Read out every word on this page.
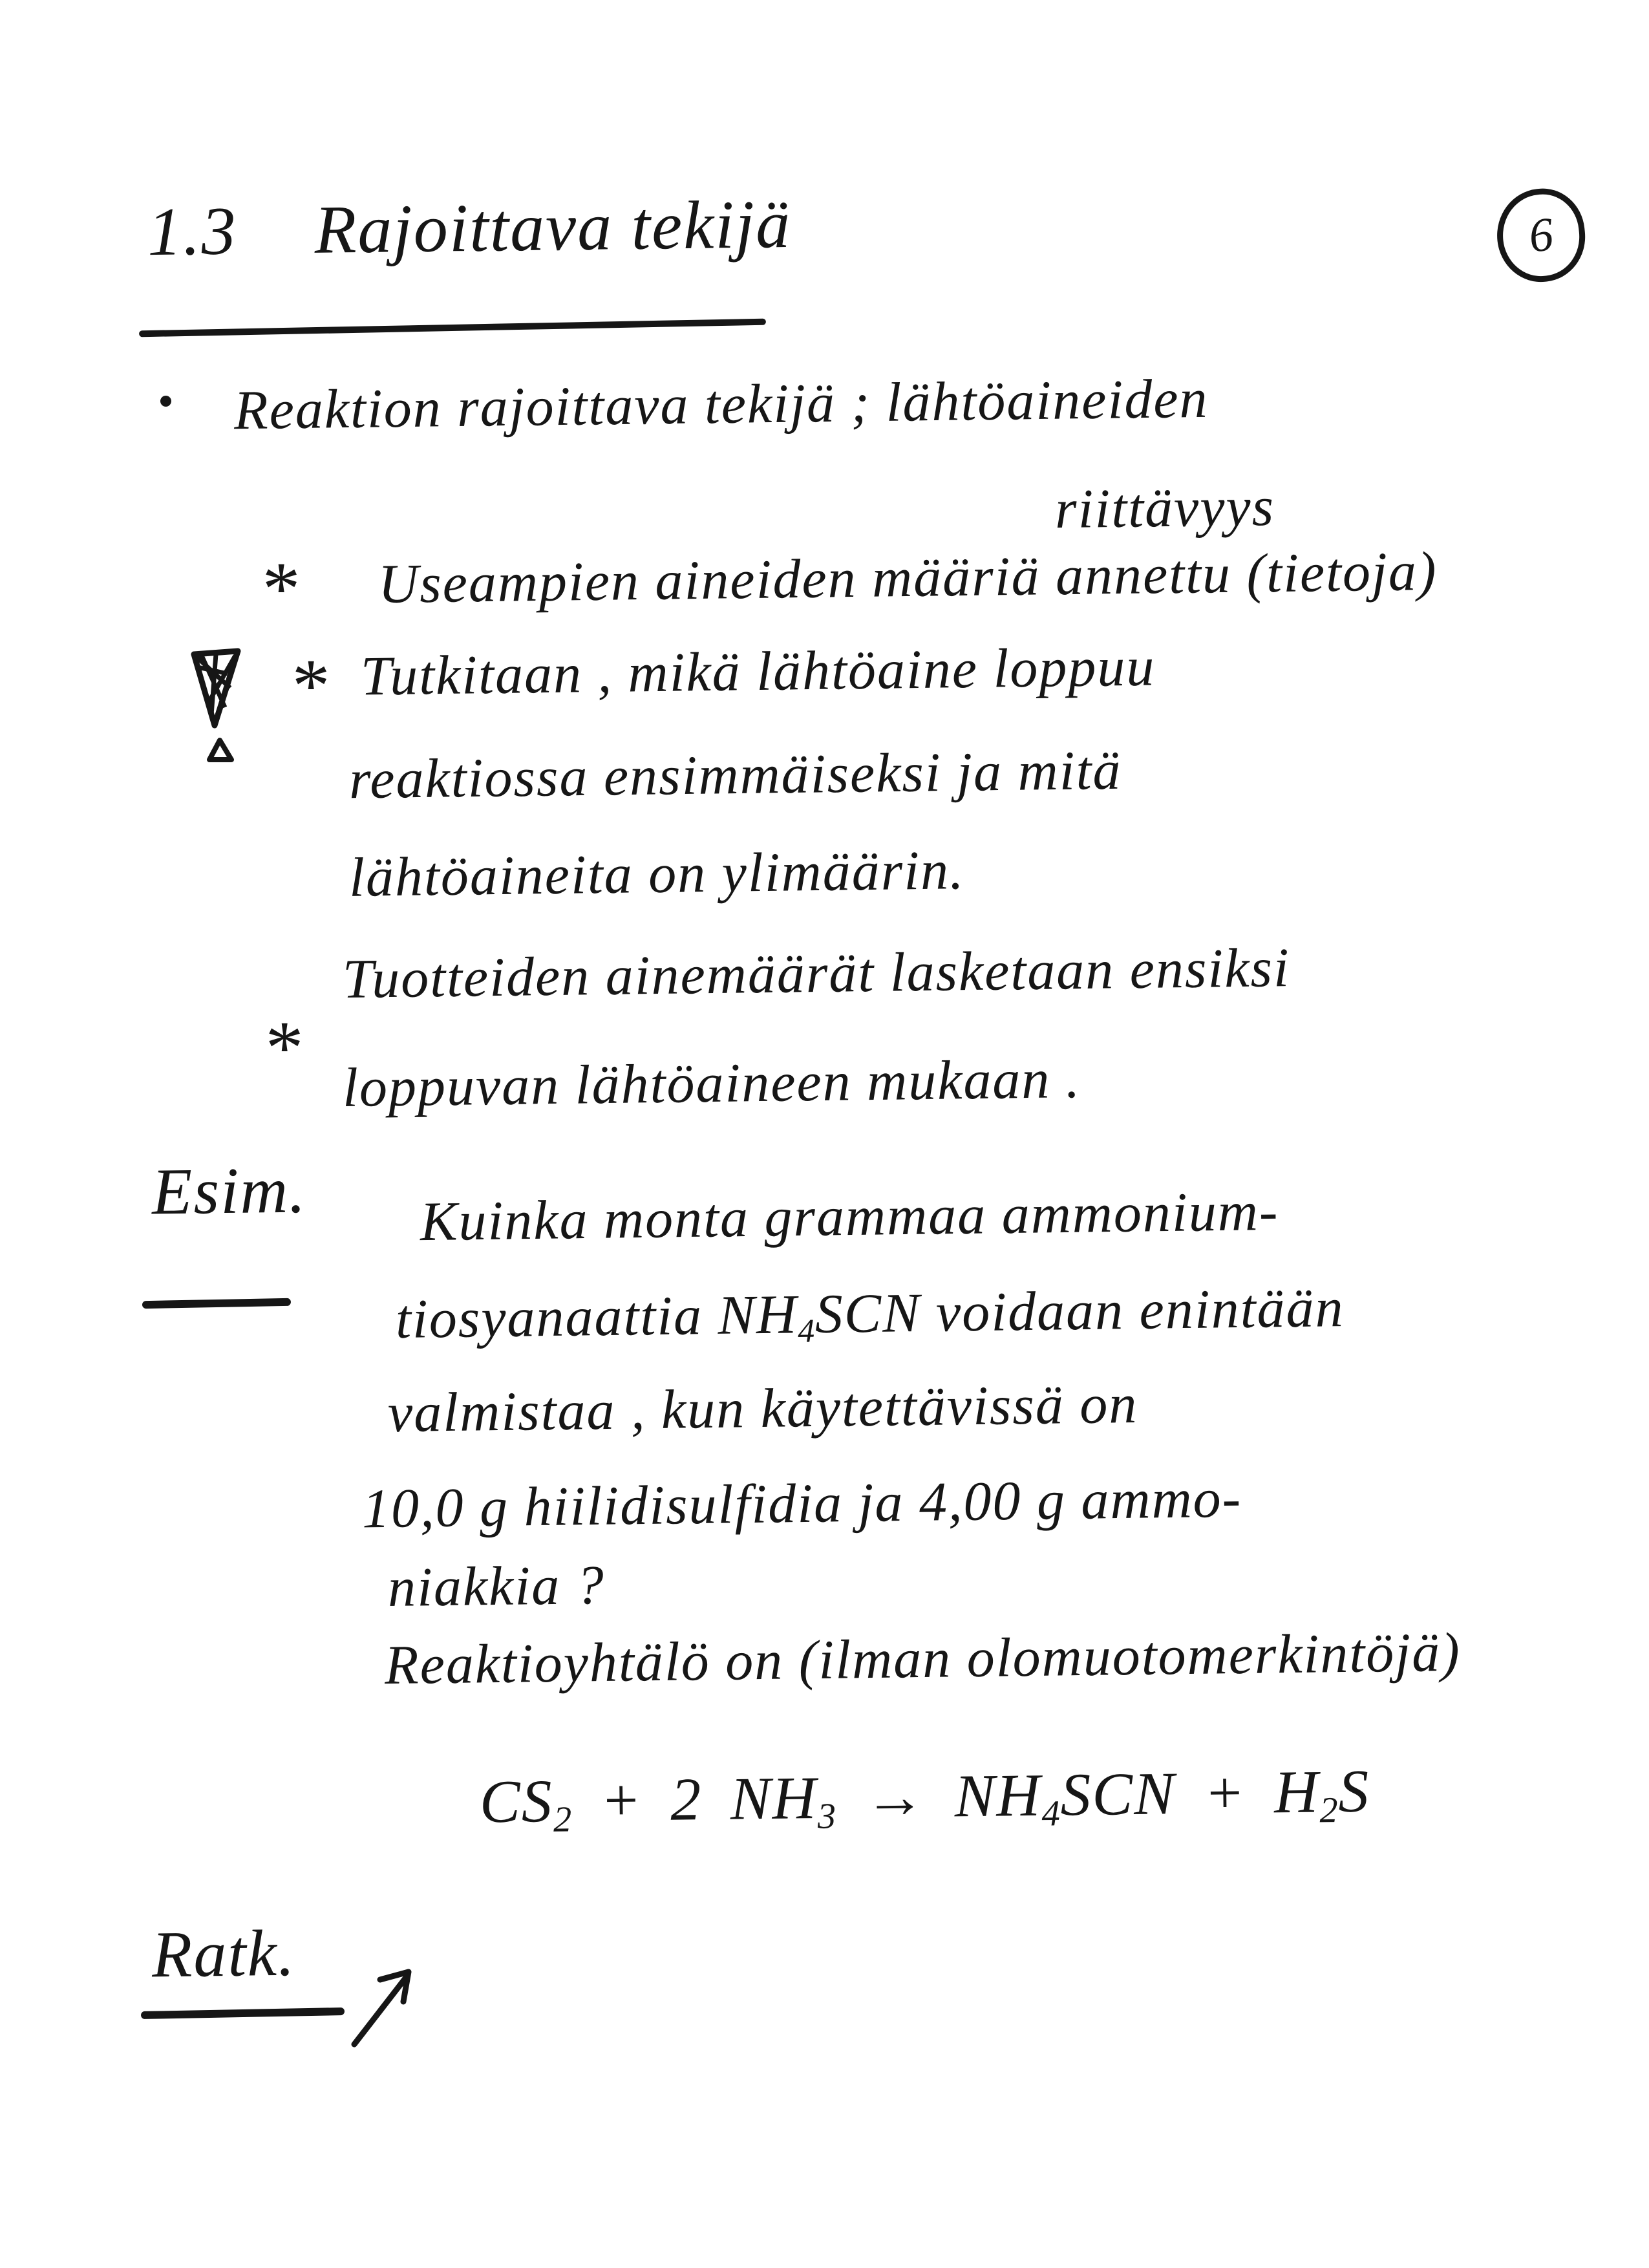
1.3 Rajoittava tekijä	6
Reaktion rajoittava tekijä ; lähtöaineiden
riittävyys
* Useampien aineiden määriä annettu (tietoja)
* Tutkitaan , mikä lähtöaine loppuu
reaktiossa ensimmäiseksi ja mitä
lähtöaineita on ylimäärin.
*
Tuotteiden ainemäärät lasketaan ensiksi
loppuvan lähtöaineen mukaan .
Esim. Kuinka monta grammaa ammonium-
tiosyanaattia $NH_4SCN$ voidaan enintään
valmistaa , kun käytettävissä on
10,0 g hiilidisulfidia ja 4,00 g ammo-
niakkia ?
Reaktioyhtälö on (ilman olomuotomerkintöjä)
$CS_2 + 2$ $NH_3 \to NH_4SCN + H_2S$
Ratk.
